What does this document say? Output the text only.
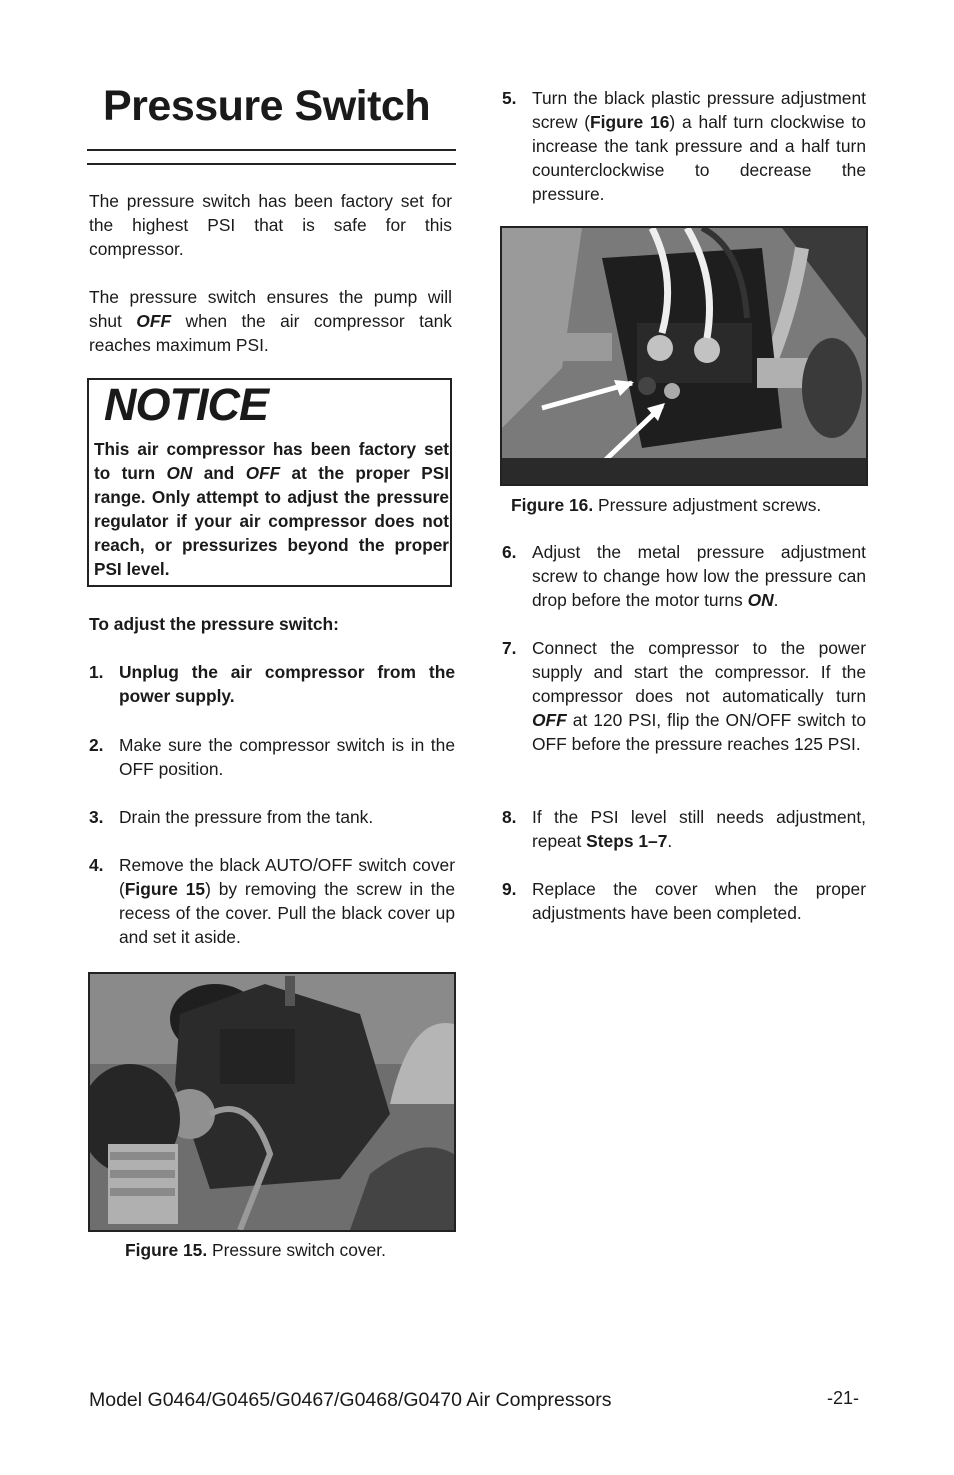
Pressure Switch

The pressure switch has been factory set for the highest PSI that is safe for this compressor.

The pressure switch ensures the pump will shut OFF when the air compressor tank reaches maximum PSI.

NOTICE

This air compressor has been factory set to turn ON and OFF at the proper PSI range. Only attempt to adjust the pressure regulator if your air compressor does not reach, or pressurizes beyond the proper PSI level.

To adjust the pressure switch:
1. Unplug the air compressor from the power supply.
2. Make sure the compressor switch is in the OFF position.
3. Drain the pressure from the tank.
4. Remove the black AUTO/OFF switch cover (Figure 15) by removing the screw in the recess of the cover. Pull the black cover up and set it aside.
Figure 15. Pressure switch cover.
5. Turn the black plastic pressure adjustment screw (Figure 16) a half turn clockwise to increase the tank pressure and a half turn counterclockwise to decrease the pressure.
Figure 16. Pressure adjustment screws.
6. Adjust the metal pressure adjustment screw to change how low the pressure can drop before the motor turns ON.
7. Connect the compressor to the power supply and start the compressor. If the compressor does not automatically turn OFF at 120 PSI, flip the ON/OFF switch to OFF before the pressure reaches 125 PSI.
8. If the PSI level still needs adjustment, repeat Steps 1–7.
9. Replace the cover when the proper adjustments have been completed.
Model G0464/G0465/G0467/G0468/G0470 Air Compressors	-21-
